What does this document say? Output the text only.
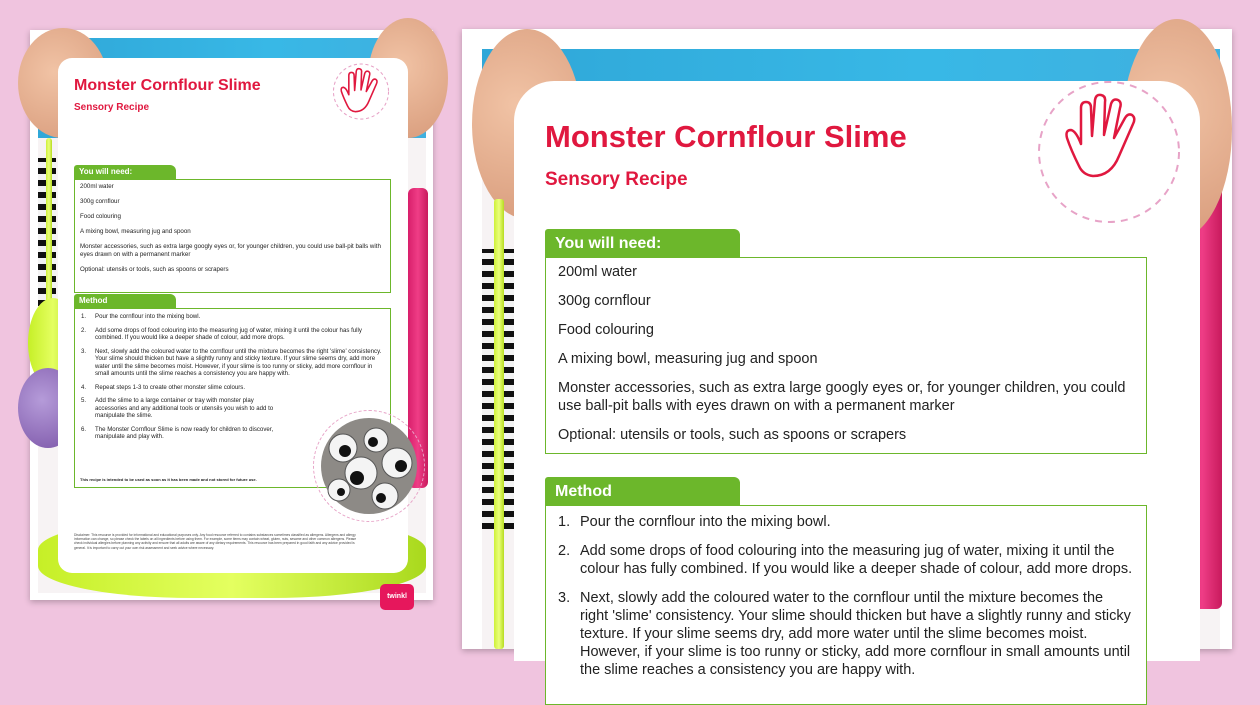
Monster Cornflour Slime
Sensory Recipe
You will need:

200ml water

300g cornflour

Food colouring

A mixing bowl, measuring jug and spoon

Monster accessories, such as extra large googly eyes or, for younger children, you could use ball-pit balls with eyes drawn on with a permanent marker

Optional: utensils or tools, such as spoons or scrapers

Method
1. Pour the cornflour into the mixing bowl.
2. Add some drops of food colouring into the measuring jug of water, mixing it until the colour has fully combined. If you would like a deeper shade of colour, add more drops.
3. Next, slowly add the coloured water to the cornflour until the mixture becomes the right 'slime' consistency. Your slime should thicken but have a slightly runny and sticky texture. If your slime seems dry, add more water until the slime becomes moist. However, if your slime is too runny or sticky, add more cornflour in small amounts until the slime reaches a consistency you are happy with.
4. Repeat steps 1-3 to create other monster slime colours.
5. Add the slime to a large container or tray with monster play accessories and any additional tools or utensils you wish to add to manipulate the slime.
6. The Monster Cornflour Slime is now ready for children to discover, manipulate and play with.
This recipe is intended to be used as soon as it has been made and not stored for future use.
Disclaimer: This resource is provided for informational and educational purposes only. Any food resource referred to contains substances sometimes classified as allergens. Allergens and allergy information can change, so please check the labels on all ingredients before using them. For example, some items may contain wheat, gluten, nuts, sesame and other common allergens. Please check individual allergies before planning any activity and ensure that all adults are aware of any dietary requirements. This resource has been prepared in good faith and any advice provided is general. It is important to carry out your own risk assessment and seek advice where necessary.
twinkl
Monster Cornflour Slime
Sensory Recipe
You will need:

200ml water

300g cornflour

Food colouring

A mixing bowl, measuring jug and spoon

Monster accessories, such as extra large googly eyes or, for younger children, you could use ball-pit balls with eyes drawn on with a permanent marker

Optional: utensils or tools, such as spoons or scrapers

Method
1. Pour the cornflour into the mixing bowl.
2. Add some drops of food colouring into the measuring jug of water, mixing it until the colour has fully combined. If you would like a deeper shade of colour, add more drops.
3. Next, slowly add the coloured water to the cornflour until the mixture becomes the right 'slime' consistency. Your slime should thicken but have a slightly runny and sticky texture. If your slime seems dry, add more water until the slime becomes moist. However, if your slime is too runny or sticky, add more cornflour in small amounts until the slime reaches a consistency you are happy with.
